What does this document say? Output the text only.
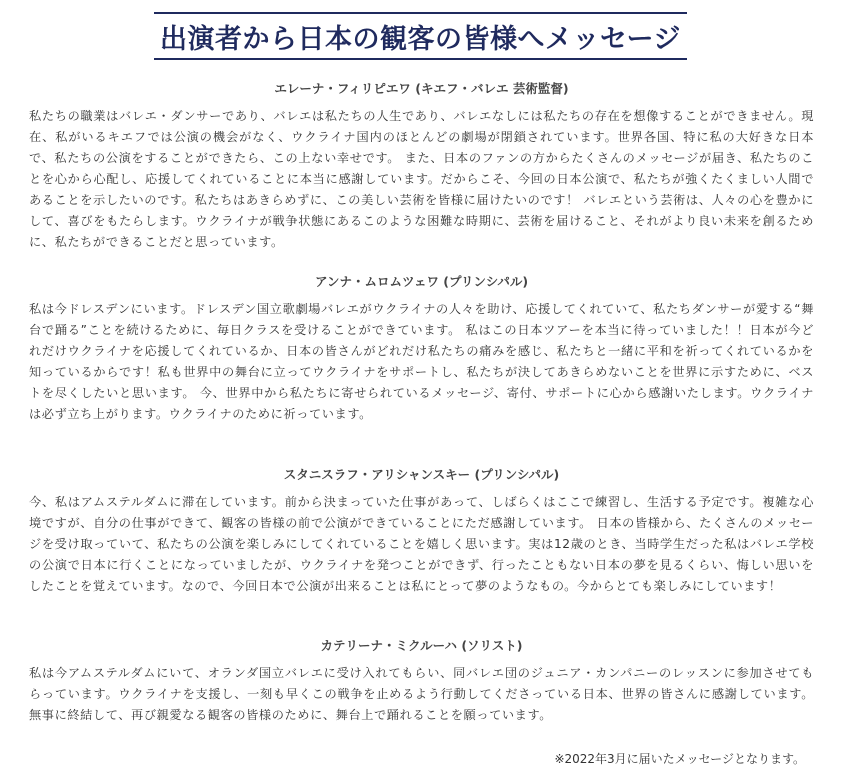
出演者から日本の観客の皆様へメッセージ

エレーナ・フィリピエワ (キエフ・バレエ 芸術監督)

私たちの職業はバレエ・ダンサーであり、バレエは私たちの人生であり、バレエなしには私たちの存在を想像することができません。現在、私がいるキエフでは公演の機会がなく、ウクライナ国内のほとんどの劇場が閉鎖されています。世界各国、特に私の大好きな日本で、私たちの公演をすることができたら、この上ない幸せです。 また、日本のファンの方からたくさんのメッセージが届き、私たちのことを心から心配し、応援してくれていることに本当に感謝しています。だからこそ、今回の日本公演で、私たちが強くたくましい人間であることを示したいのです。私たちはあきらめずに、この美しい芸術を皆様に届けたいのです！ バレエという芸術は、人々の心を豊かにして、喜びをもたらします。ウクライナが戦争状態にあるこのような困難な時期に、芸術を届けること、それがより良い未来を創るために、私たちができることだと思っています。

アンナ・ムロムツェワ (プリンシパル)

私は今ドレスデンにいます。ドレスデン国立歌劇場バレエがウクライナの人々を助け、応援してくれていて、私たちダンサーが愛する“舞台で踊る”ことを続けるために、毎日クラスを受けることができています。 私はこの日本ツアーを本当に待っていました！！日本が今どれだけウクライナを応援してくれているか、日本の皆さんがどれだけ私たちの痛みを感じ、私たちと一緒に平和を祈ってくれているかを知っているからです！私も世界中の舞台に立ってウクライナをサポートし、私たちが決してあきらめないことを世界に示すために、ベストを尽くしたいと思います。 今、世界中から私たちに寄せられているメッセージ、寄付、サポートに心から感謝いたします。ウクライナは必ず立ち上がります。ウクライナのために祈っています。

スタニスラフ・アリシャンスキー (プリンシパル)

今、私はアムステルダムに滞在しています。前から決まっていた仕事があって、しばらくはここで練習し、生活する予定です。複雑な心境ですが、自分の仕事ができて、観客の皆様の前で公演ができていることにただ感謝しています。 日本の皆様から、たくさんのメッセージを受け取っていて、私たちの公演を楽しみにしてくれていることを嬉しく思います。実は12歳のとき、当時学生だった私はバレエ学校の公演で日本に行くことになっていましたが、ウクライナを発つことができず、行ったこともない日本の夢を見るくらい、悔しい思いをしたことを覚えています。なので、今回日本で公演が出来ることは私にとって夢のようなもの。今からとても楽しみにしています！

カテリーナ・ミクルーハ (ソリスト)

私は今アムステルダムにいて、オランダ国立バレエに受け入れてもらい、同バレエ団のジュニア・カンパニーのレッスンに参加させてもらっています。ウクライナを支援し、一刻も早くこの戦争を止めるよう行動してくださっている日本、世界の皆さんに感謝しています。無事に終結して、再び親愛なる観客の皆様のために、舞台上で踊れることを願っています。

※2022年3月に届いたメッセージとなります。
